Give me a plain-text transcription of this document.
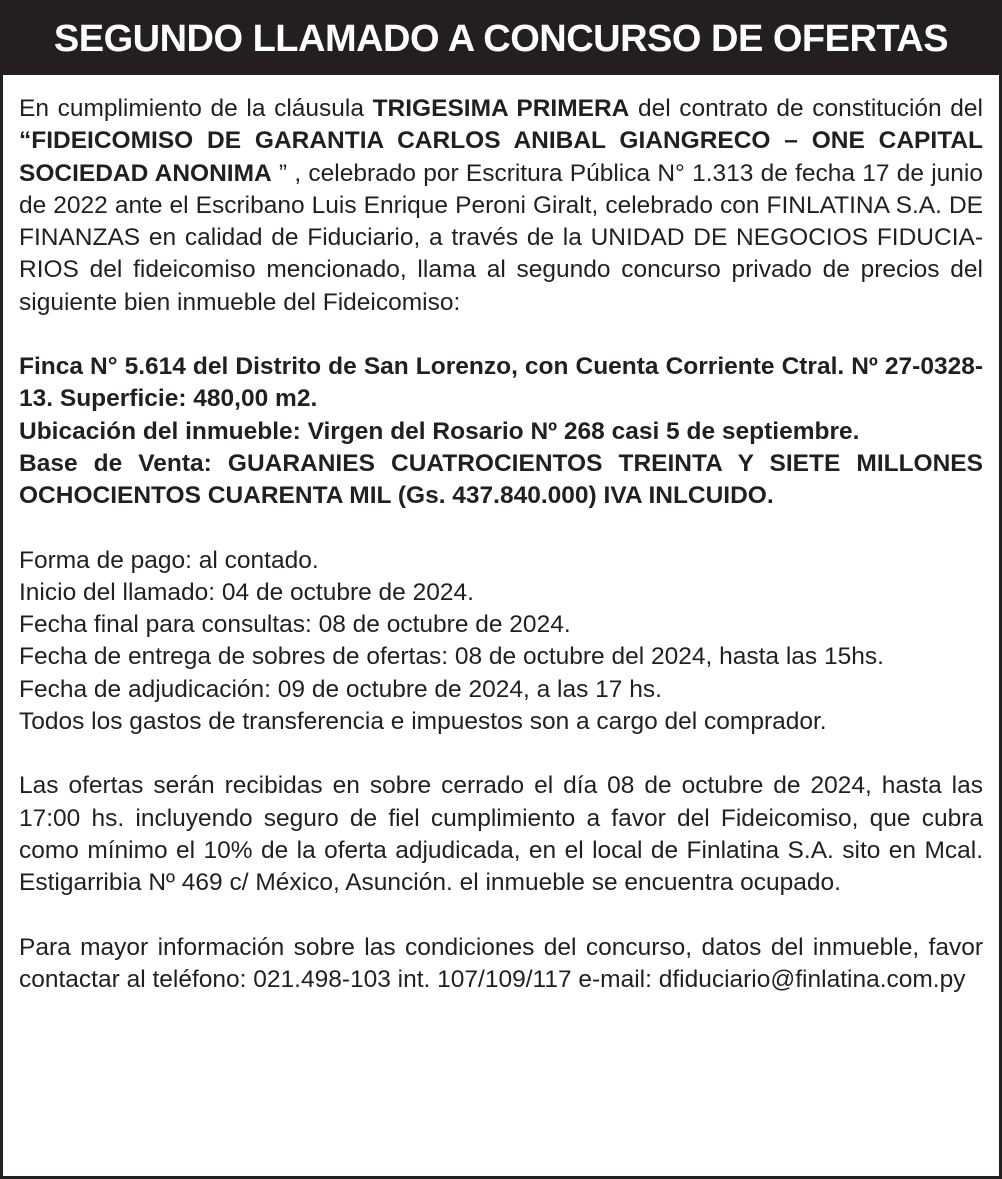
SEGUNDO LLAMADO A CONCURSO DE OFERTAS

En cumplimiento de la cláusula TRIGESIMA PRIMERA del contrato de constitución del “FIDEICOMISO DE GARANTIA CARLOS ANIBAL GIANGRECO – ONE CAPITAL SOCIEDAD ANONIMA ” , celebrado por Escritura Pública N° 1.313 de fecha 17 de junio de 2022 ante el Escribano Luis Enrique Peroni Giralt, celebrado con FINLATINA S.A. DE FINANZAS en calidad de Fiduciario, a través de la UNIDAD DE NEGOCIOS FIDUCIA-RIOS del fideicomiso mencionado, llama al segundo concurso privado de precios del siguiente bien inmueble del Fideicomiso:

Finca N° 5.614 del Distrito de San Lorenzo, con Cuenta Corriente Ctral. Nº 27-0328-13. Superficie: 480,00 m2.
Ubicación del inmueble: Virgen del Rosario Nº 268 casi 5 de septiembre.
Base de Venta: GUARANIES CUATROCIENTOS TREINTA Y SIETE MILLONES OCHOCIENTOS CUARENTA MIL (Gs. 437.840.000) IVA INLCUIDO.
Forma de pago: al contado.
Inicio del llamado: 04 de octubre de 2024.
Fecha final para consultas: 08 de octubre de 2024.
Fecha de entrega de sobres de ofertas: 08 de octubre del 2024, hasta las 15hs.
Fecha de adjudicación: 09 de octubre de 2024, a las 17 hs.
Todos los gastos de transferencia e impuestos son a cargo del comprador.

Las ofertas serán recibidas en sobre cerrado el día 08 de octubre de 2024, hasta las 17:00 hs. incluyendo seguro de fiel cumplimiento a favor del Fideicomiso, que cubra como mínimo el 10% de la oferta adjudicada, en el local de Finlatina S.A. sito en Mcal. Estigarribia Nº 469 c/ México, Asunción. el inmueble se encuentra ocupado.

Para mayor información sobre las condiciones del concurso, datos del inmueble, favor contactar al teléfono: 021.498-103 int. 107/109/117 e-mail: dfiduciario@finlatina.com.py
